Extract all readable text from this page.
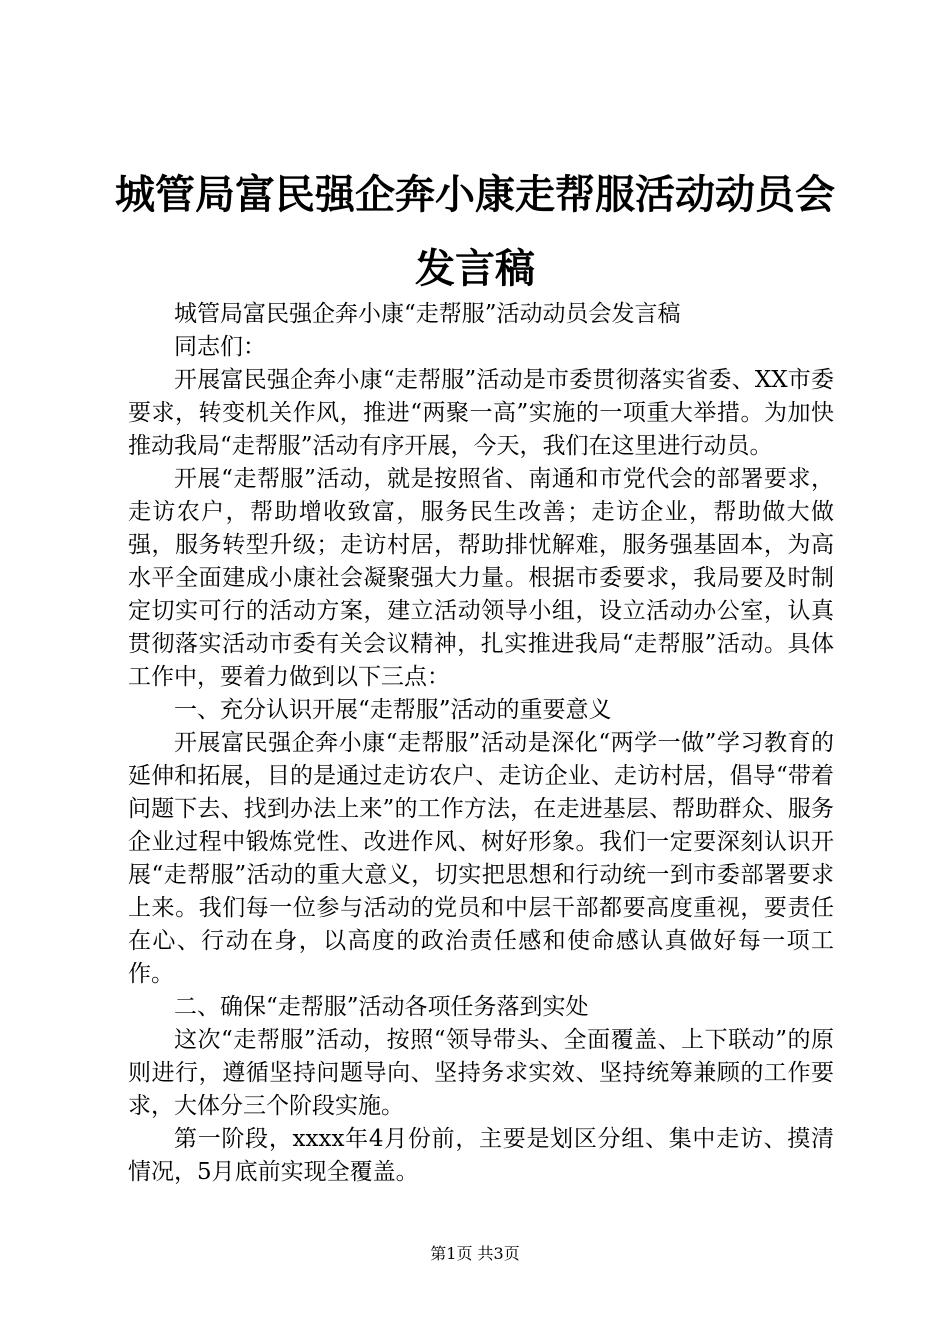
城管局富民强企奔小康走帮服活动动员会发言稿

城管局富民强企奔小康“走帮服”活动动员会发言稿

同志们：

开展富民强企奔小康“走帮服”活动是市委贯彻落实省委、XX市委要求，转变机关作风，推进“两聚一高”实施的一项重大举措。为加快推动我局“走帮服”活动有序开展，今天，我们在这里进行动员。

开展“走帮服”活动，就是按照省、南通和市党代会的部署要求，走访农户，帮助增收致富，服务民生改善；走访企业，帮助做大做强，服务转型升级；走访村居，帮助排忧解难，服务强基固本，为高水平全面建成小康社会凝聚强大力量。根据市委要求，我局要及时制定切实可行的活动方案，建立活动领导小组，设立活动办公室，认真贯彻落实活动市委有关会议精神，扎实推进我局“走帮服”活动。具体工作中，要着力做到以下三点：

一、充分认识开展“走帮服”活动的重要意义

开展富民强企奔小康“走帮服”活动是深化“两学一做”学习教育的延伸和拓展，目的是通过走访农户、走访企业、走访村居，倡导“带着问题下去、找到办法上来”的工作方法，在走进基层、帮助群众、服务企业过程中锻炼党性、改进作风、树好形象。我们一定要深刻认识开展“走帮服”活动的重大意义，切实把思想和行动统一到市委部署要求上来。我们每一位参与活动的党员和中层干部都要高度重视，要责任在心、行动在身，以高度的政治责任感和使命感认真做好每一项工作。

二、确保“走帮服”活动各项任务落到实处

这次“走帮服”活动，按照“领导带头、全面覆盖、上下联动”的原则进行，遵循坚持问题导向、坚持务求实效、坚持统筹兼顾的工作要求，大体分三个阶段实施。

第一阶段，xxxx年4月份前，主要是划区分组、集中走访、摸清情况，5月底前实现全覆盖。

第1页 共3页
